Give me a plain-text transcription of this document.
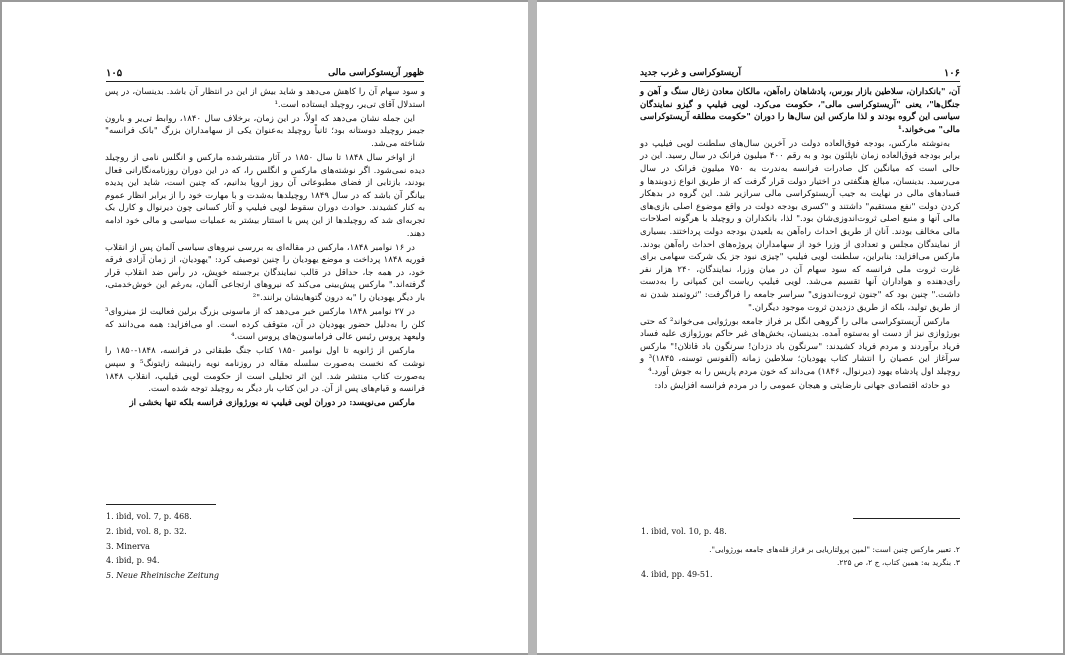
۱۰۵	ظهور آریستوکراسی مالی

و سود سهام آن را کاهش می‌دهد و شاید بیش از این در انتظار آن باشد. بدینسان، در پس استدلال آقای تی‌یر، روچیلد ایستاده است.¹

این جمله نشان می‌دهد که اولاً، در این زمان، برخلاف سال ۱۸۴۰، روابط تی‌یر و بارون جیمز روچیلد دوستانه بود؛ ثانیاً روچیلد به‌عنوان یکی از سهامداران بزرگ "بانک فرانسه" شناخته می‌شد.

از اواخر سال ۱۸۴۸ تا سال ۱۸۵۰ در آثار منتشرشده مارکس و انگلس نامی از روچیلد دیده نمی‌شود. اگر نوشته‌های مارکس و انگلس را، که در این دوران روزنامه‌نگارانی فعال بودند، بازتابی از فضای مطبوعاتی آن روز اروپا بدانیم، که چنین است، شاید این پدیده بیانگر آن باشد که در سال ۱۸۴۹ روچیلدها به‌شدت و با مهارت خود را از برابر انظار عموم به کنار کشیدند. حوادث دوران سقوط لویی فیلیپ و آثار کسانی چون دیرنوال و کارل بک تجربه‌ای شد که روچیلدها از این پس با استتار بیشتر به عملیات سیاسی و مالی خود ادامه دهند.

در ۱۶ نوامبر ۱۸۴۸، مارکس در مقاله‌ای به بررسی نیروهای سیاسی آلمان پس از انقلاب فوریه ۱۸۴۸ پرداخت و موضع یهودیان را چنین توصیف کرد: "یهودیان، از زمان آزادی فرقه خود، در همه جا، حداقل در قالب نمایندگان برجسته خویش، در رأس ضد انقلاب قرار گرفته‌اند." مارکس پیش‌بینی می‌کند که نیروهای ارتجاعی آلمان، به‌رغم این خوش‌خدمتی، بار دیگر یهودیان را "به درون گتوهایشان برانند."²

در ۲۷ نوامبر ۱۸۴۸ مارکس خبر می‌دهد که از ماسونی بزرگ برلین فعالیت لژ مینروای³ کلن را به‌دلیل حضور یهودیان در آن، متوقف کرده است. او می‌افزاید: همه می‌دانند که ولیعهد پروس رئیس عالی فراماسون‌های پروس است.⁴

مارکس از ژانویه تا اول نوامبر ۱۸۵۰ کتاب جنگ طبقاتی در فرانسه، ۱۸۴۸-۱۸۵۰ را نوشت که نخست به‌صورت سلسله مقاله در روزنامه نویه راینیشه زایتونگ⁵ و سپس به‌صورت کتاب منتشر شد. این اثر تحلیلی است از حکومت لویی فیلیپ، انقلاب ۱۸۴۸ فرانسه و قیام‌های پس از آن. در این کتاب بار دیگر به روچیلد توجه شده است.

مارکس می‌نویسد: در دوران لویی فیلیپ نه بورژوازی فرانسه بلکه تنها بخشی از

1. ibid, vol. 7, p. 468.
2. ibid, vol. 8, p. 32.
3. Minerva
4. ibid, p. 94.
5. Neue Rheinische Zeitung
آریستوکراسی و غرب جدید	۱۰۶

آن، "بانکداران، سلاطین بازار بورس، پادشاهان راه‌آهن، مالکان معادن زغال سنگ و آهن و جنگل‌ها"، یعنی "آریستوکراسی مالی"، حکومت می‌کرد. لویی فیلیپ و گیزو نمایندگان سیاسی این گروه بودند و لذا مارکس این سال‌ها را دوران "حکومت مطلقه آریستوکراسی مالی" می‌خواند.¹

به‌نوشته مارکس، بودجه فوق‌العاده دولت در آخرین سال‌های سلطنت لویی فیلیپ دو برابر بودجه فوق‌العاده زمان ناپلئون بود و به رقم ۴۰۰ میلیون فرانک در سال رسید. این در حالی است که میانگین کل صادرات فرانسه به‌ندرت به ۷۵۰ میلیون فرانک در سال می‌رسید. بدینسان، مبالغ هنگفتی در اختیار دولت قرار گرفت که از طریق انواع زدوبندها و فسادهای مالی در نهایت به جیب آریستوکراسی مالی سرازیر شد. این گروه در بدهکار کردن دولت "نفع مستقیم" داشتند و "کسری بودجه دولت در واقع موضوع اصلی بازی‌های مالی آنها و منبع اصلی ثروت‌اندوزی‌شان بود." لذا، بانکداران و روچیلد با هرگونه اصلاحات مالی مخالف بودند. آنان از طریق احداث راه‌آهن به بلعیدن بودجه دولت پرداختند. بسیاری از نمایندگان مجلس و تعدادی از وزرا خود از سهامداران پروژه‌های احداث راه‌آهن بودند. مارکس می‌افزاید: بنابراین، سلطنت لویی فیلیپ "چیزی نبود جز یک شرکت سهامی برای غارت ثروت ملی فرانسه که سود سهام آن در میان وزرا، نمایندگان، ۲۴۰ هزار نفر رأی‌دهنده و هواداران آنها تقسیم می‌شد. لویی فیلیپ ریاست این کمپانی را به‌دست داشت." چنین بود که "جنون ثروت‌اندوزی" سراسر جامعه را فراگرفت: "ثروتمند شدن نه از طریق تولید، بلکه از طریق دزدیدن ثروت موجود دیگران."

مارکس آریستوکراسی مالی را گروهی انگل بر فراز جامعه بورژوایی می‌خواند² که حتی بورژوازی نیز از دست او به‌ستوه آمده. بدینسان، بخش‌های غیر حاکم بورژوازی علیه فساد فریاد برآوردند و مردم فریاد کشیدند: "سرنگون باد دزدان! سرنگون باد قاتلان!" مارکس سرآغاز این عصیان را انتشار کتاب یهودیان؛ سلاطین زمانه (آلفونس توسنه، ۱۸۴۵)³ و روچیلد اول پادشاه یهود (دیرنوال، ۱۸۴۶) می‌داند که خون مردم پاریس را به جوش آورد.⁴

دو حادثه اقتصادی جهانی نارضایتی و هیجان عمومی را در مردم فرانسه افزایش داد:

1. ibid, vol. 10, p. 48.
۲. تعبیر مارکس چنین است: "لمپن پرولتاریایی بر فراز قله‌های جامعه بورژوایی".
۳. بنگرید به: همین کتاب، ج ۲، ص ۲۲۵.
4. ibid, pp. 49-51.
